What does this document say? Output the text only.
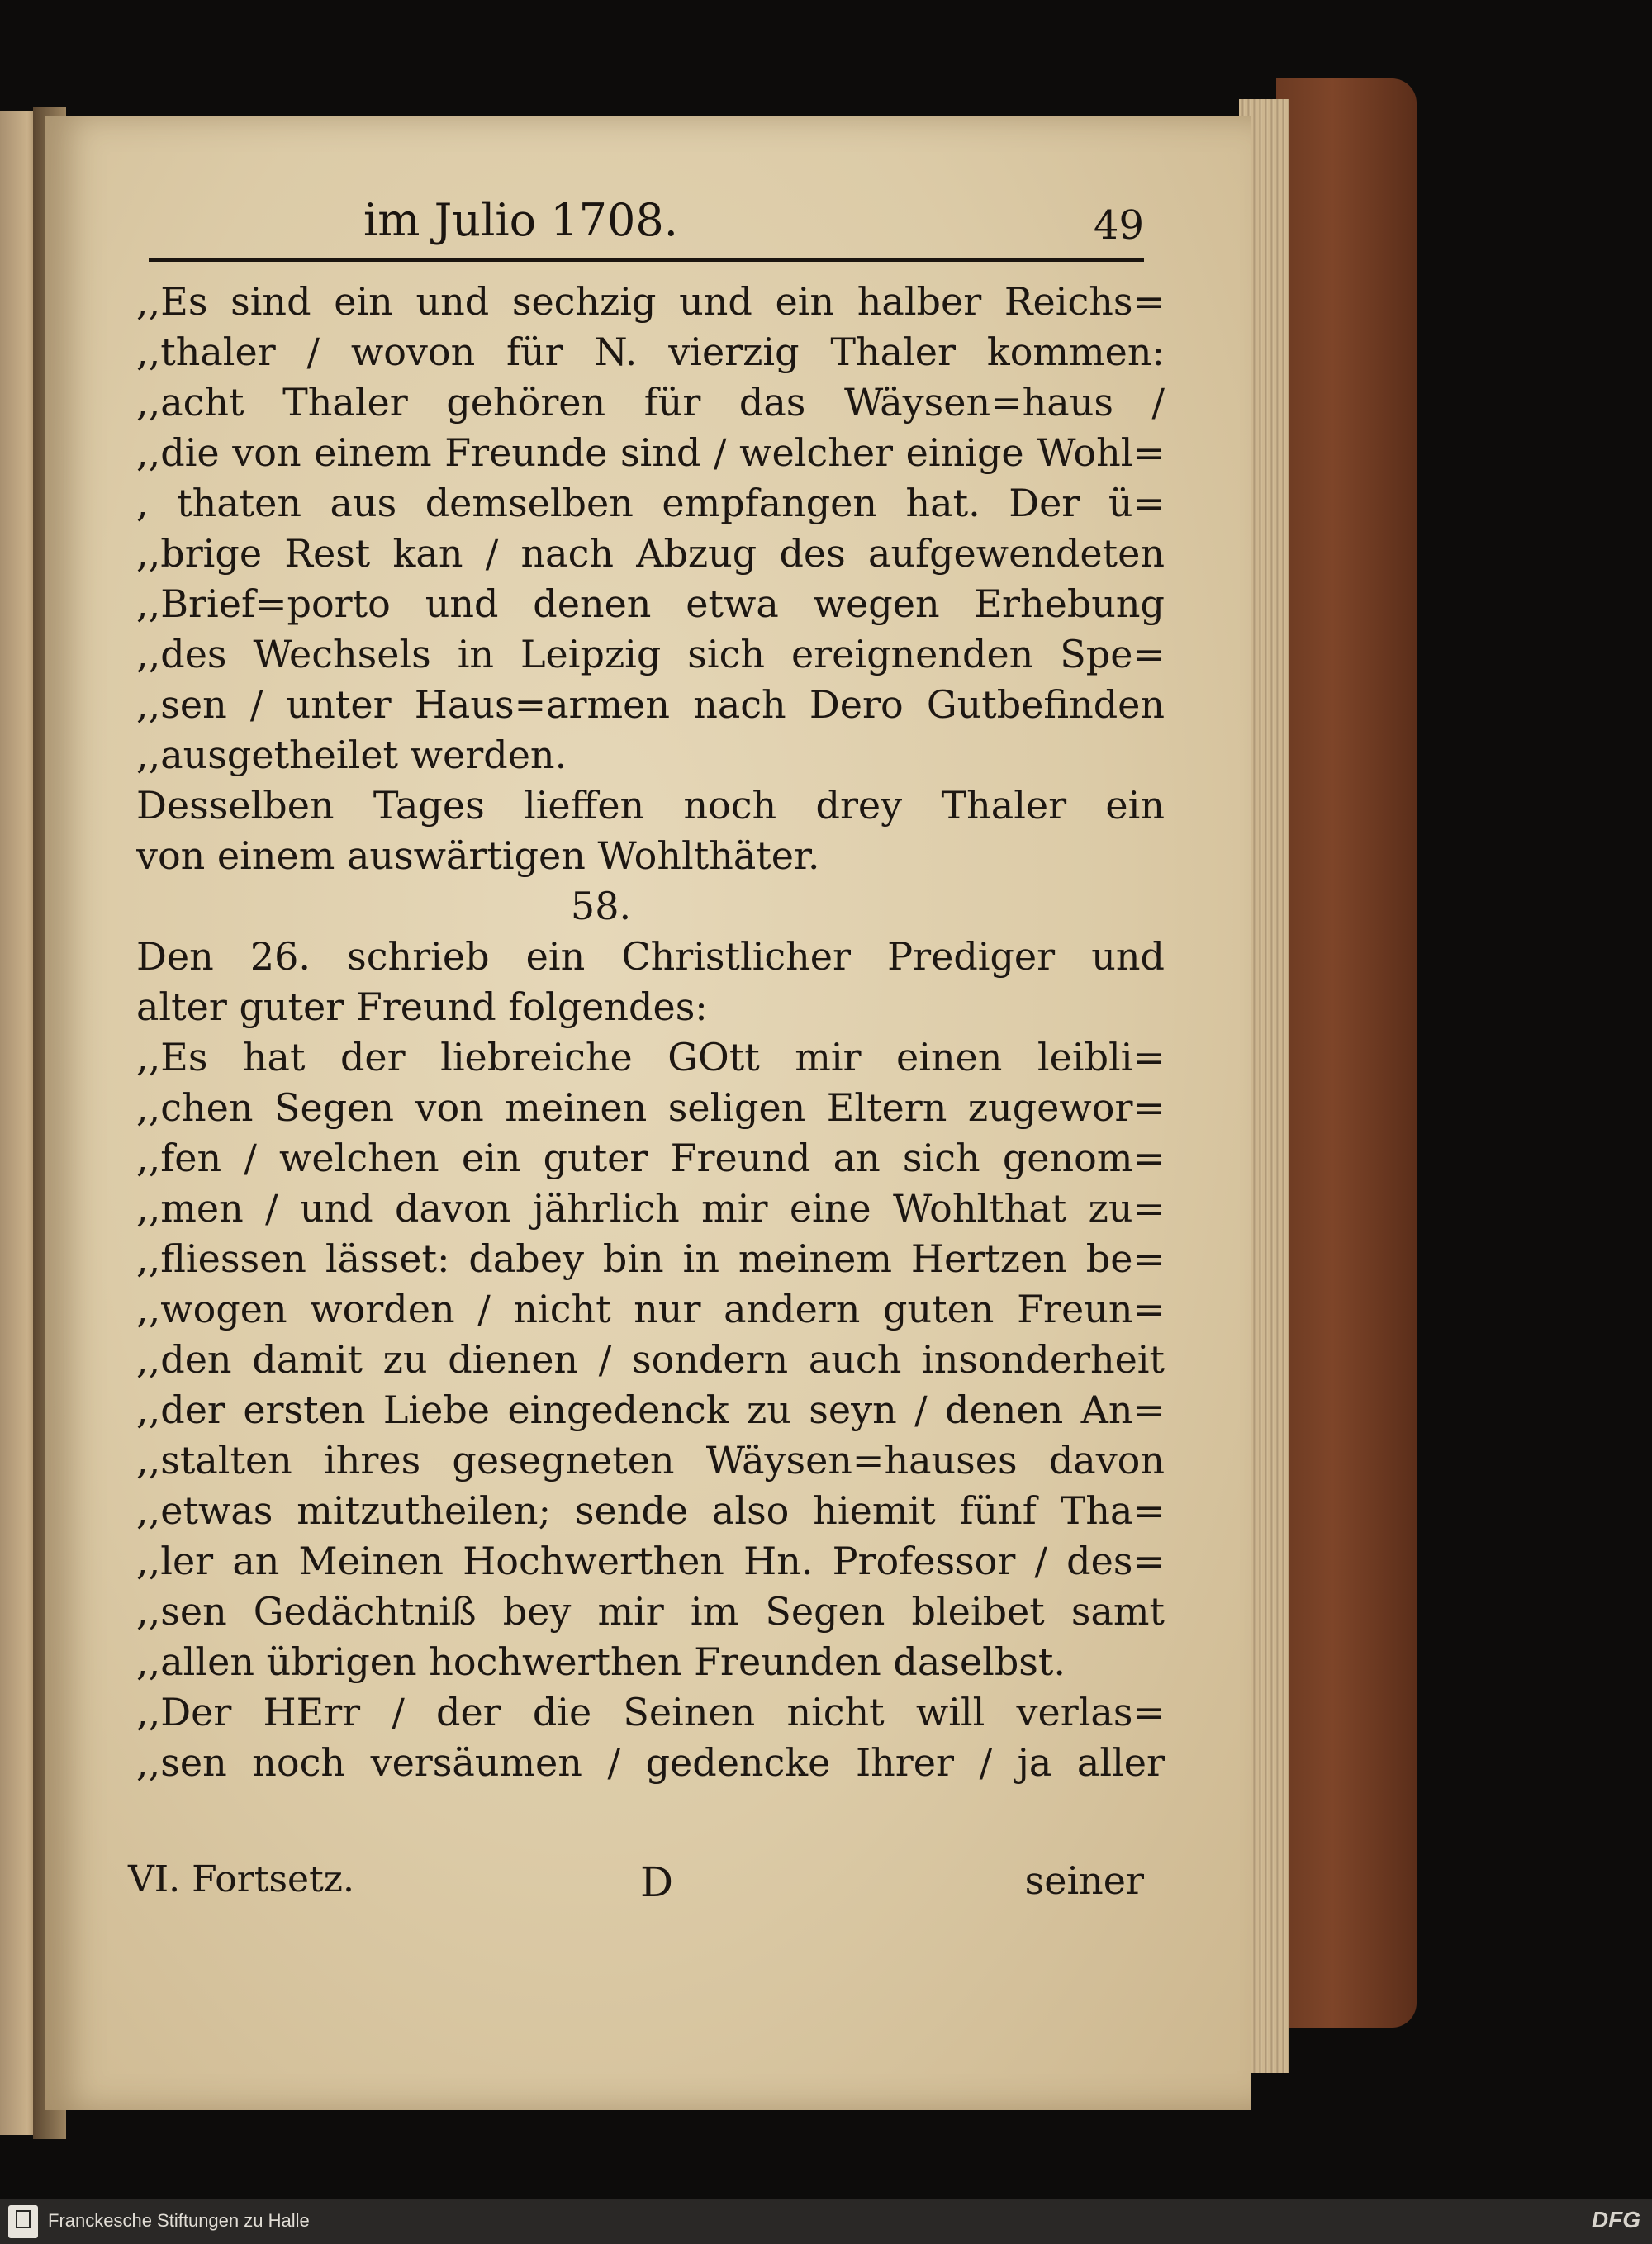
im Julio 1708.	49
,,Es sind ein und sechzig und ein halber Reichs=
,,thaler / wovon für N. vierzig Thaler kommen:
,,acht Thaler gehören für das Wäysen=haus /
,,die von einem Freunde sind / welcher einige Wohl=
, thaten aus demselben empfangen hat. Der ü=
,,brige Rest kan / nach Abzug des aufgewendeten
,,Brief=porto und denen etwa wegen Erhebung
,,des Wechsels in Leipzig sich ereignenden Spe=
,,sen / unter Haus=armen nach Dero Gutbefinden
,,ausgetheilet werden.
Desselben Tages lieffen noch drey Thaler ein
von einem auswärtigen Wohlthäter.
58.
Den 26. schrieb ein Christlicher Prediger und
alter guter Freund folgendes:
,,Es hat der liebreiche GOtt mir einen leibli=
,,chen Segen von meinen seligen Eltern zugewor=
,,fen / welchen ein guter Freund an sich genom=
,,men / und davon jährlich mir eine Wohlthat zu=
,,fliessen lässet: dabey bin in meinem Hertzen be=
,,wogen worden / nicht nur andern guten Freun=
,,den damit zu dienen / sondern auch insonderheit
,,der ersten Liebe eingedenck zu seyn / denen An=
,,stalten ihres gesegneten Wäysen=hauses davon
,,etwas mitzutheilen; sende also hiemit fünf Tha=
,,ler an Meinen Hochwerthen Hn. Professor / des=
,,sen Gedächtniß bey mir im Segen bleibet samt
,,allen übrigen hochwerthen Freunden daselbst.
,,Der HErr / der die Seinen nicht will verlas=
,,sen noch versäumen / gedencke Ihrer / ja aller
VI. Fortsetz.	D	seiner
Franckesche Stiftungen zu Halle	DFG
